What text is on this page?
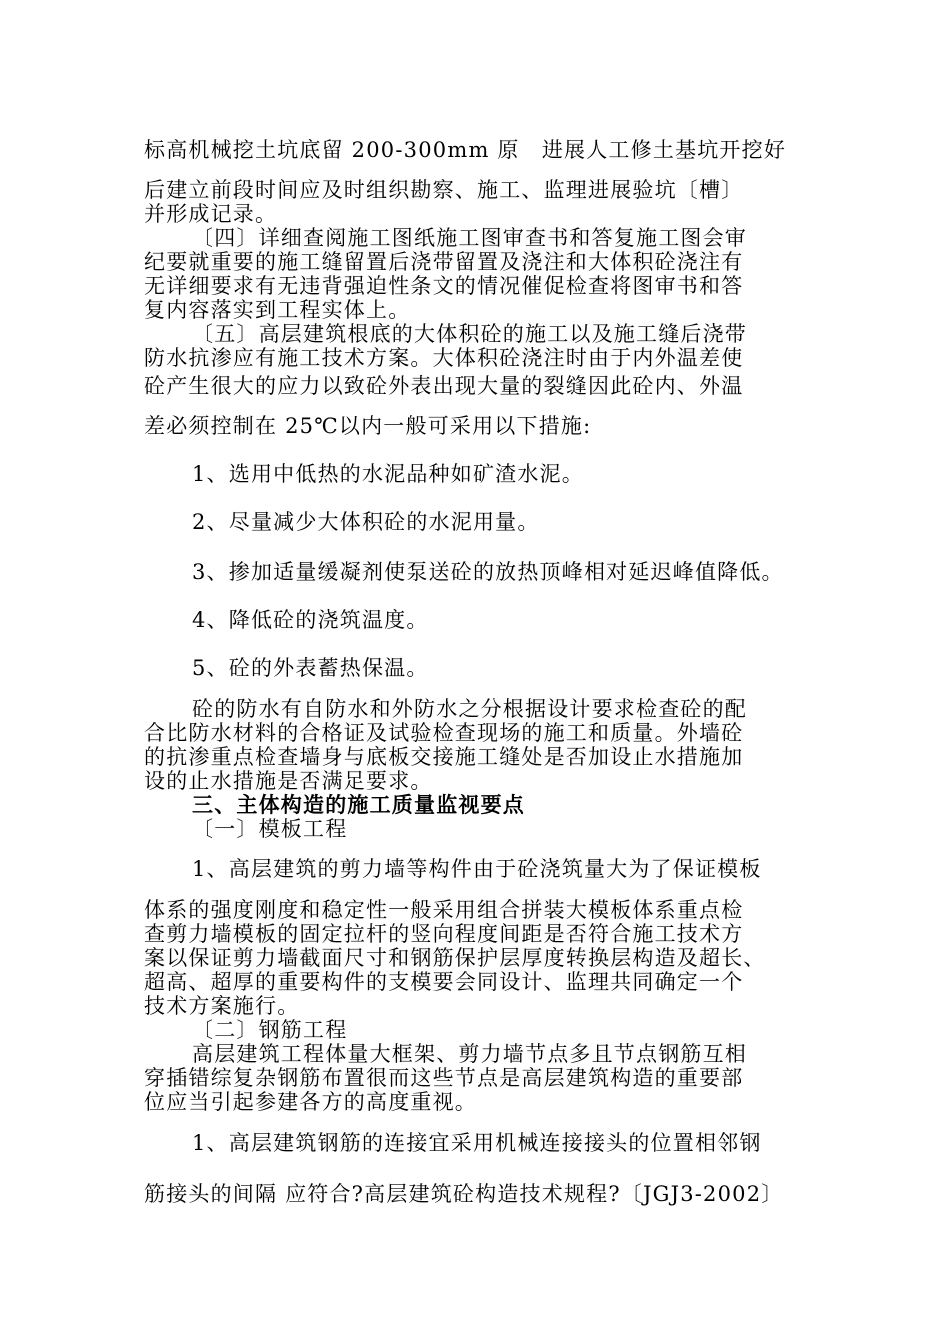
标高机械挖土坑底留 200-300mm 原　进展人工修土基坑开挖好
后建立前段时间应及时组织勘察、施工、监理进展验坑〔槽〕
并形成记录。
〔四〕详细查阅施工图纸施工图审查书和答复施工图会审
纪要就重要的施工缝留置后浇带留置及浇注和大体积砼浇注有
无详细要求有无违背强迫性条文的情况催促检查将图审书和答
复内容落实到工程实体上。
〔五〕高层建筑根底的大体积砼的施工以及施工缝后浇带
防水抗渗应有施工技术方案。大体积砼浇注时由于内外温差使
砼产生很大的应力以致砼外表出现大量的裂缝因此砼内、外温
差必须控制在 25℃以内一般可采用以下措施:
1、选用中低热的水泥品种如矿渣水泥。
2、尽量减少大体积砼的水泥用量。
3、掺加适量缓凝剂使泵送砼的放热顶峰相对延迟峰值降低。
4、降低砼的浇筑温度。
5、砼的外表蓄热保温。
砼的防水有自防水和外防水之分根据设计要求检查砼的配
合比防水材料的合格证及试验检查现场的施工和质量。外墙砼
的抗渗重点检查墙身与底板交接施工缝处是否加设止水措施加
设的止水措施是否满足要求。
三、主体构造的施工质量监视要点
〔一〕模板工程
1、高层建筑的剪力墙等构件由于砼浇筑量大为了保证模板
体系的强度刚度和稳定性一般采用组合拼装大模板体系重点检
查剪力墙模板的固定拉杆的竖向程度间距是否符合施工技术方
案以保证剪力墙截面尺寸和钢筋保护层厚度转换层构造及超长、
超高、超厚的重要构件的支模要会同设计、监理共同确定一个
技术方案施行。
〔二〕钢筋工程
高层建筑工程体量大框架、剪力墙节点多且节点钢筋互相
穿插错综复杂钢筋布置很而这些节点是高层建筑构造的重要部
位应当引起参建各方的高度重视。
1、高层建筑钢筋的连接宜采用机械连接接头的位置相邻钢
筋接头的间隔 应符合?高层建筑砼构造技术规程?〔JGJ3-2002〕
